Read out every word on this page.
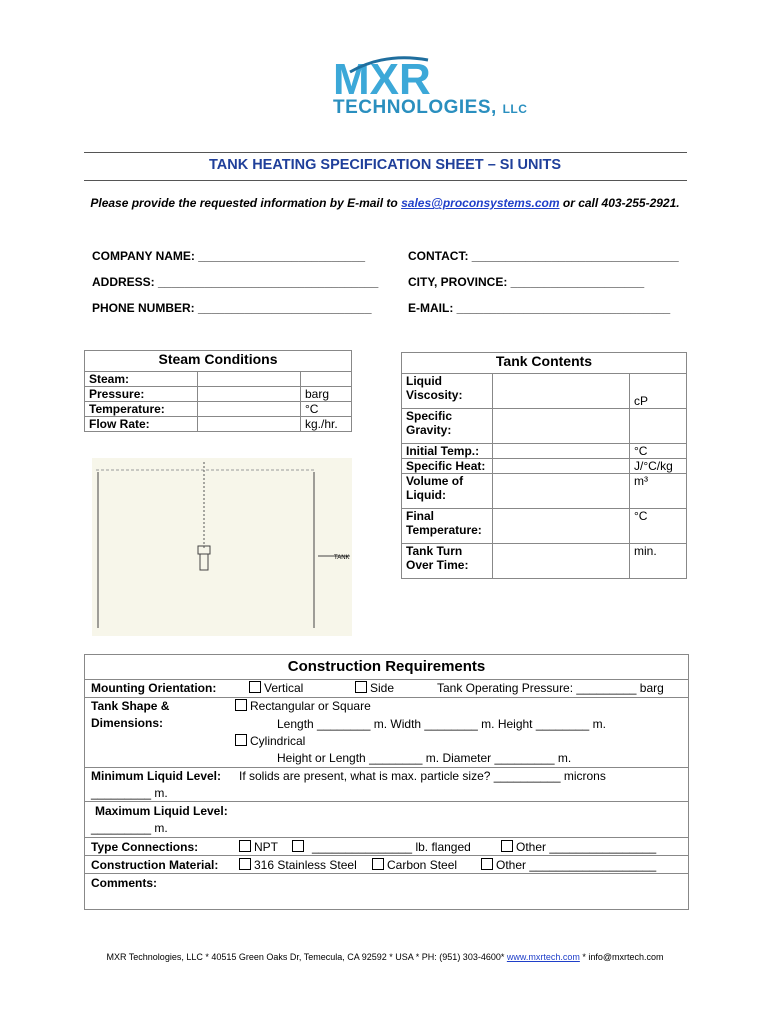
MXR
TECHNOLOGIES, LLC
TANK HEATING SPECIFICATION SHEET – SI UNITS
Please provide the requested information by E-mail to sales@proconsystems.com or call 403-255-2921.
COMPANY NAME: _________________________	CONTACT: _______________________________
ADDRESS: _________________________________ CITY, PROVINCE: ____________________
PHONE NUMBER: __________________________	E-MAIL: ________________________________
Steam Conditions		
Steam:		
Pressure:		barg
Temperature:		°C
Flow Rate:		kg./hr.
TANK
Tank Contents		
Liquid Viscosity:		cP
Specific Gravity:		
Initial Temp.:		°C
Specific Heat:		J/°C/kg
Volume of Liquid:		m³
Final Temperature:		°C
Tank Turn Over Time:		min.
Construction Requirements
Mounting Orientation:	Vertical	Side	Tank Operating Pressure: _________ barg
Tank Shape &
Dimensions:
Rectangular or Square
Length ________ m. Width ________ m. Height ________ m.
Cylindrical
Height or Length ________ m. Diameter _________ m.
Minimum Liquid Level:
_________ m.
If solids are present, what is max. particle size? __________ microns
Maximum Liquid Level:
_________ m.
Type Connections:	NPT	_______________ lb. flanged	Other ________________
Construction Material:	316 Stainless Steel	Carbon Steel	Other ___________________
Comments:
MXR Technologies, LLC * 40515 Green Oaks Dr, Temecula, CA 92592 * USA * PH: (951) 303-4600* www.mxrtech.com * info@mxrtech.com
